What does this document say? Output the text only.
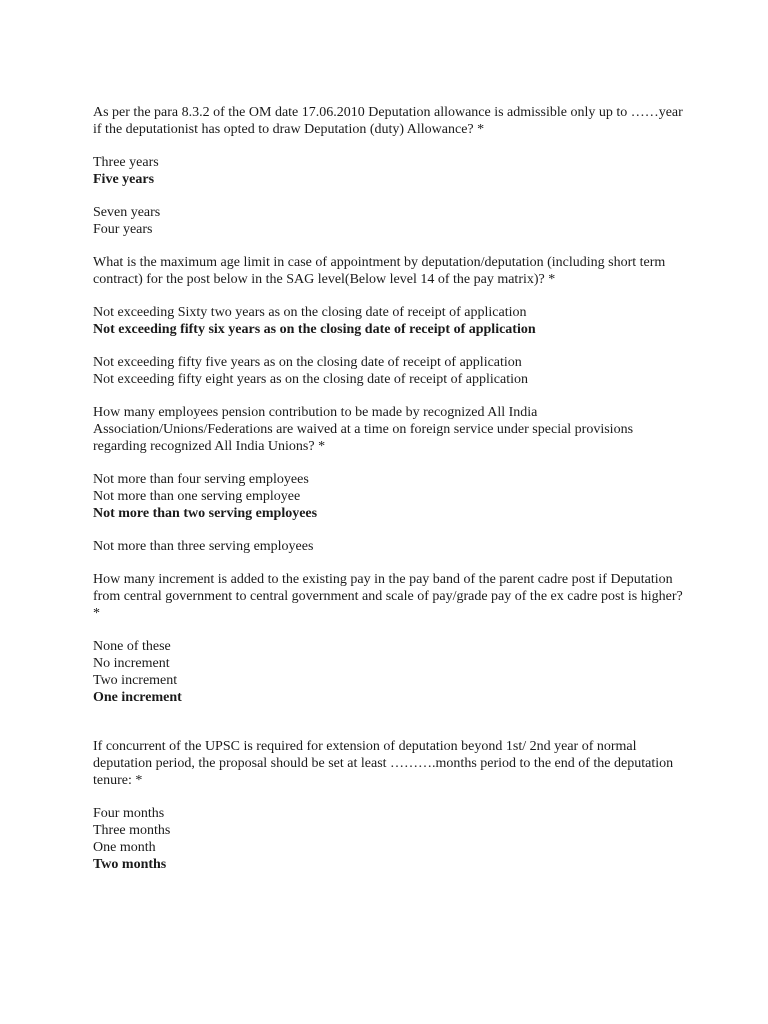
As per the para 8.3.2 of the OM date 17.06.2010 Deputation allowance is admissible only up to ……year if the deputationist has opted to draw Deputation (duty) Allowance? *
Three years
Five years
Seven years
Four years
What is the maximum age limit in case of appointment by deputation/deputation (including short term contract) for the post below in the SAG level(Below level 14 of the pay matrix)? *
Not exceeding Sixty two years as on the closing date of receipt of application
Not exceeding fifty six years as on the closing date of receipt of application
Not exceeding fifty five years as on the closing date of receipt of application
Not exceeding fifty eight years as on the closing date of receipt of application
How many employees pension contribution to be made by recognized All India Association/Unions/Federations are waived at a time on foreign service under special provisions regarding recognized All India Unions? *
Not more than four serving employees
Not more than one serving employee
Not more than two serving employees
Not more than three serving employees
How many increment is added to the existing pay in the pay band of the parent cadre post if Deputation from central government to central government and scale of pay/grade pay of the ex cadre post is higher? *
None of these
No increment
Two increment
One increment
If concurrent of the UPSC is required for extension of deputation beyond 1st/ 2nd year of normal deputation period, the proposal should be set at least ……….months period to the end of the deputation tenure: *
Four months
Three months
One month
Two months
